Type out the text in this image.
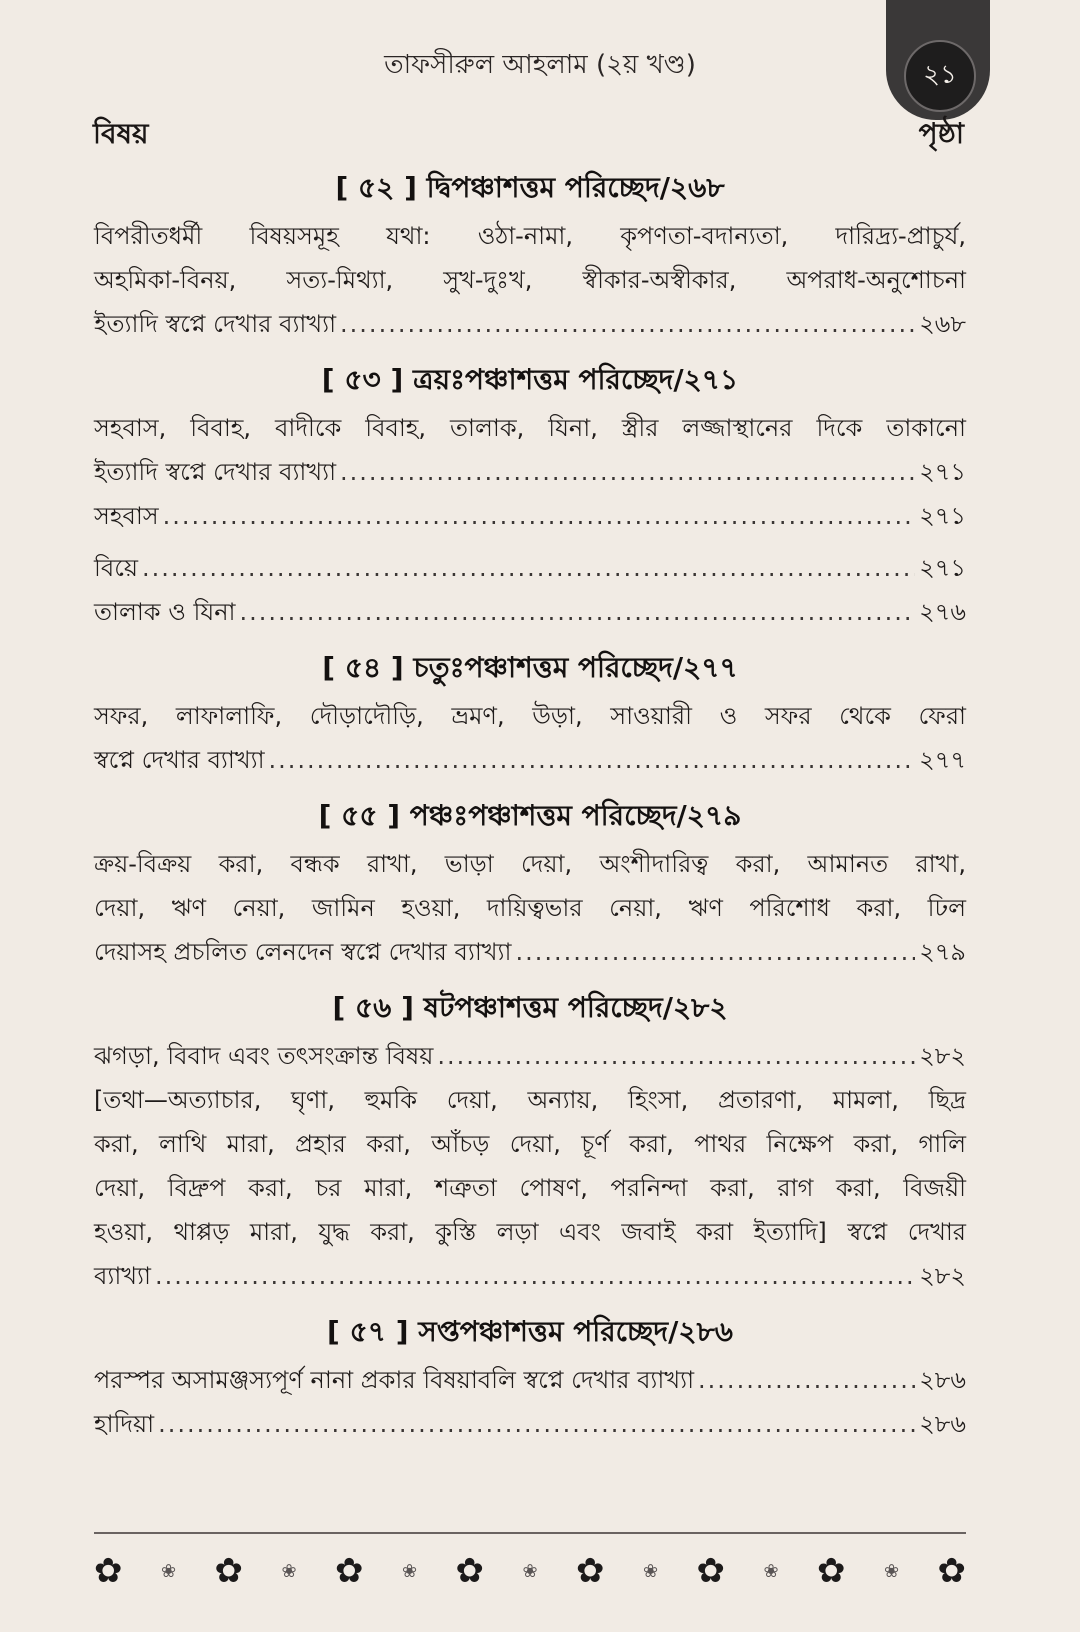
তাফসীরুল আহলাম (২য় খণ্ড)	২১
বিষয়	পৃষ্ঠা
[ ৫২ ] দ্বিপঞ্চাশত্তম পরিচ্ছেদ/২৬৮
বিপরীতধর্মী বিষয়সমূহ যথা: ওঠা-নামা, কৃপণতা-বদান্যতা, দারিদ্র্য-প্রাচুর্য,
অহমিকা-বিনয়, সত্য-মিথ্যা, সুখ-দুঃখ, স্বীকার-অস্বীকার, অপরাধ-অনুশোচনা
ইত্যাদি স্বপ্নে দেখার ব্যাখ্যা .....	২৬৮
[ ৫৩ ] ত্রয়ঃপঞ্চাশত্তম পরিচ্ছেদ/২৭১
সহবাস, বিবাহ, বাদীকে বিবাহ, তালাক, যিনা, স্ত্রীর লজ্জাস্থানের দিকে তাকানো
ইত্যাদি স্বপ্নে দেখার ব্যাখ্যা .....	২৭১
সহবাস .....	২৭১
বিয়ে .....	২৭১
তালাক ও যিনা .....	২৭৬
[ ৫৪ ] চতুঃপঞ্চাশত্তম পরিচ্ছেদ/২৭৭
সফর, লাফালাফি, দৌড়াদৌড়ি, ভ্রমণ, উড়া, সাওয়ারী ও সফর থেকে ফেরা
স্বপ্নে দেখার ব্যাখ্যা .....	২৭৭
[ ৫৫ ] পঞ্চঃপঞ্চাশত্তম পরিচ্ছেদ/২৭৯
ক্রয়-বিক্রয় করা, বন্ধক রাখা, ভাড়া দেয়া, অংশীদারিত্ব করা, আমানত রাখা,
দেয়া, ঋণ নেয়া, জামিন হওয়া, দায়িত্বভার নেয়া, ঋণ পরিশোধ করা, ঢিল
দেয়াসহ প্রচলিত লেনদেন স্বপ্নে দেখার ব্যাখ্যা .....	২৭৯
[ ৫৬ ] ষটপঞ্চাশত্তম পরিচ্ছেদ/২৮২
ঝগড়া, বিবাদ এবং তৎসংক্রান্ত বিষয় .....	২৮২
[তথা—অত্যাচার, ঘৃণা, হুমকি দেয়া, অন্যায়, হিংসা, প্রতারণা, মামলা, ছিদ্র
করা, লাথি মারা, প্রহার করা, আঁচড় দেয়া, চূর্ণ করা, পাথর নিক্ষেপ করা, গালি
দেয়া, বিদ্রুপ করা, চর মারা, শত্রুতা পোষণ, পরনিন্দা করা, রাগ করা, বিজয়ী
হওয়া, থাপ্পড় মারা, যুদ্ধ করা, কুস্তি লড়া এবং জবাই করা ইত্যাদি] স্বপ্নে দেখার
ব্যাখ্যা .....	২৮২
[ ৫৭ ] সপ্তপঞ্চাশত্তম পরিচ্ছেদ/২৮৬
পরস্পর অসামঞ্জস্যপূর্ণ নানা প্রকার বিষয়াবলি স্বপ্নে দেখার ব্যাখ্যা .....	২৮৬
হাদিয়া .....	২৮৬
✿ ❀ ✿ ❀ ✿ ❀ ✿ ❀ ✿ ❀ ✿ ❀ ✿ ❀ ✿
